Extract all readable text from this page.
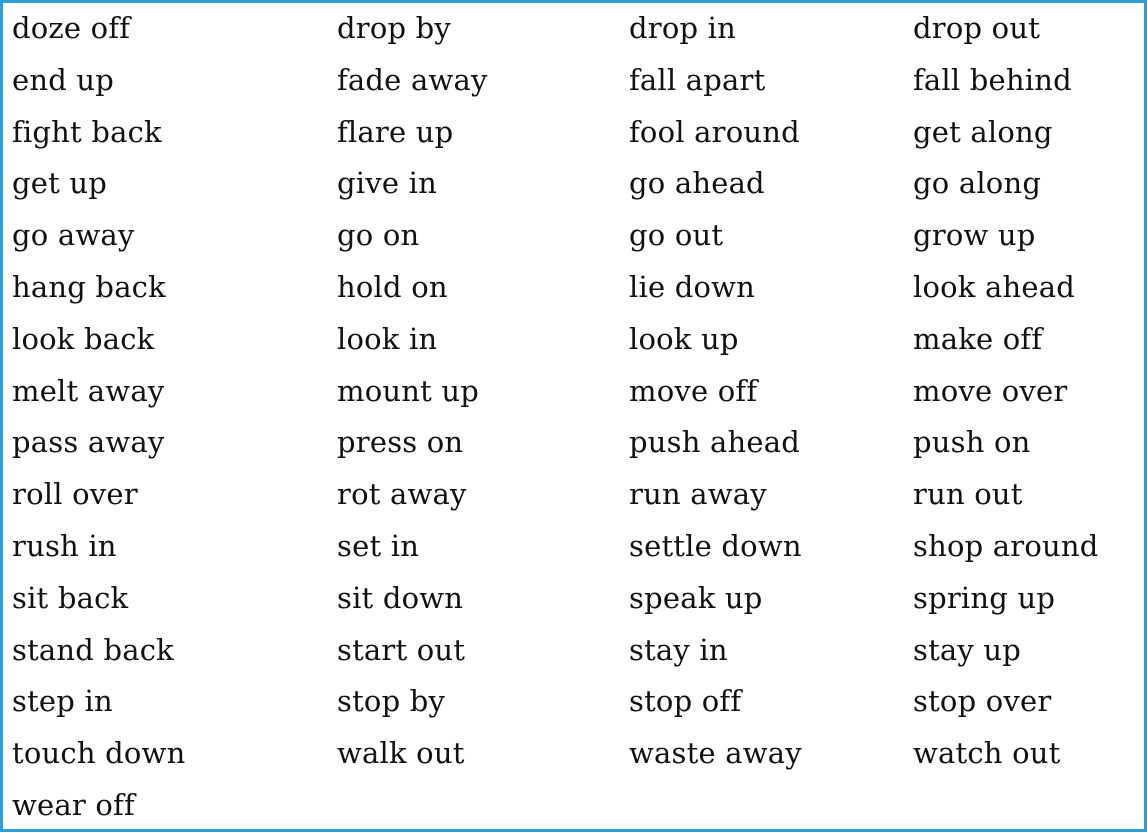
doze off	drop by	drop in	drop out
end up	fade away	fall apart	fall behind
fight back	flare up	fool around	get along
get up	give in	go ahead	go along
go away	go on	go out	grow up
hang back	hold on	lie down	look ahead
look back	look in	look up	make off
melt away	mount up	move off	move over
pass away	press on	push ahead	push on
roll over	rot away	run away	run out
rush in	set in	settle down	shop around
sit back	sit down	speak up	spring up
stand back	start out	stay in	stay up
step in	stop by	stop off	stop over
touch down	walk out	waste away	watch out
wear off
